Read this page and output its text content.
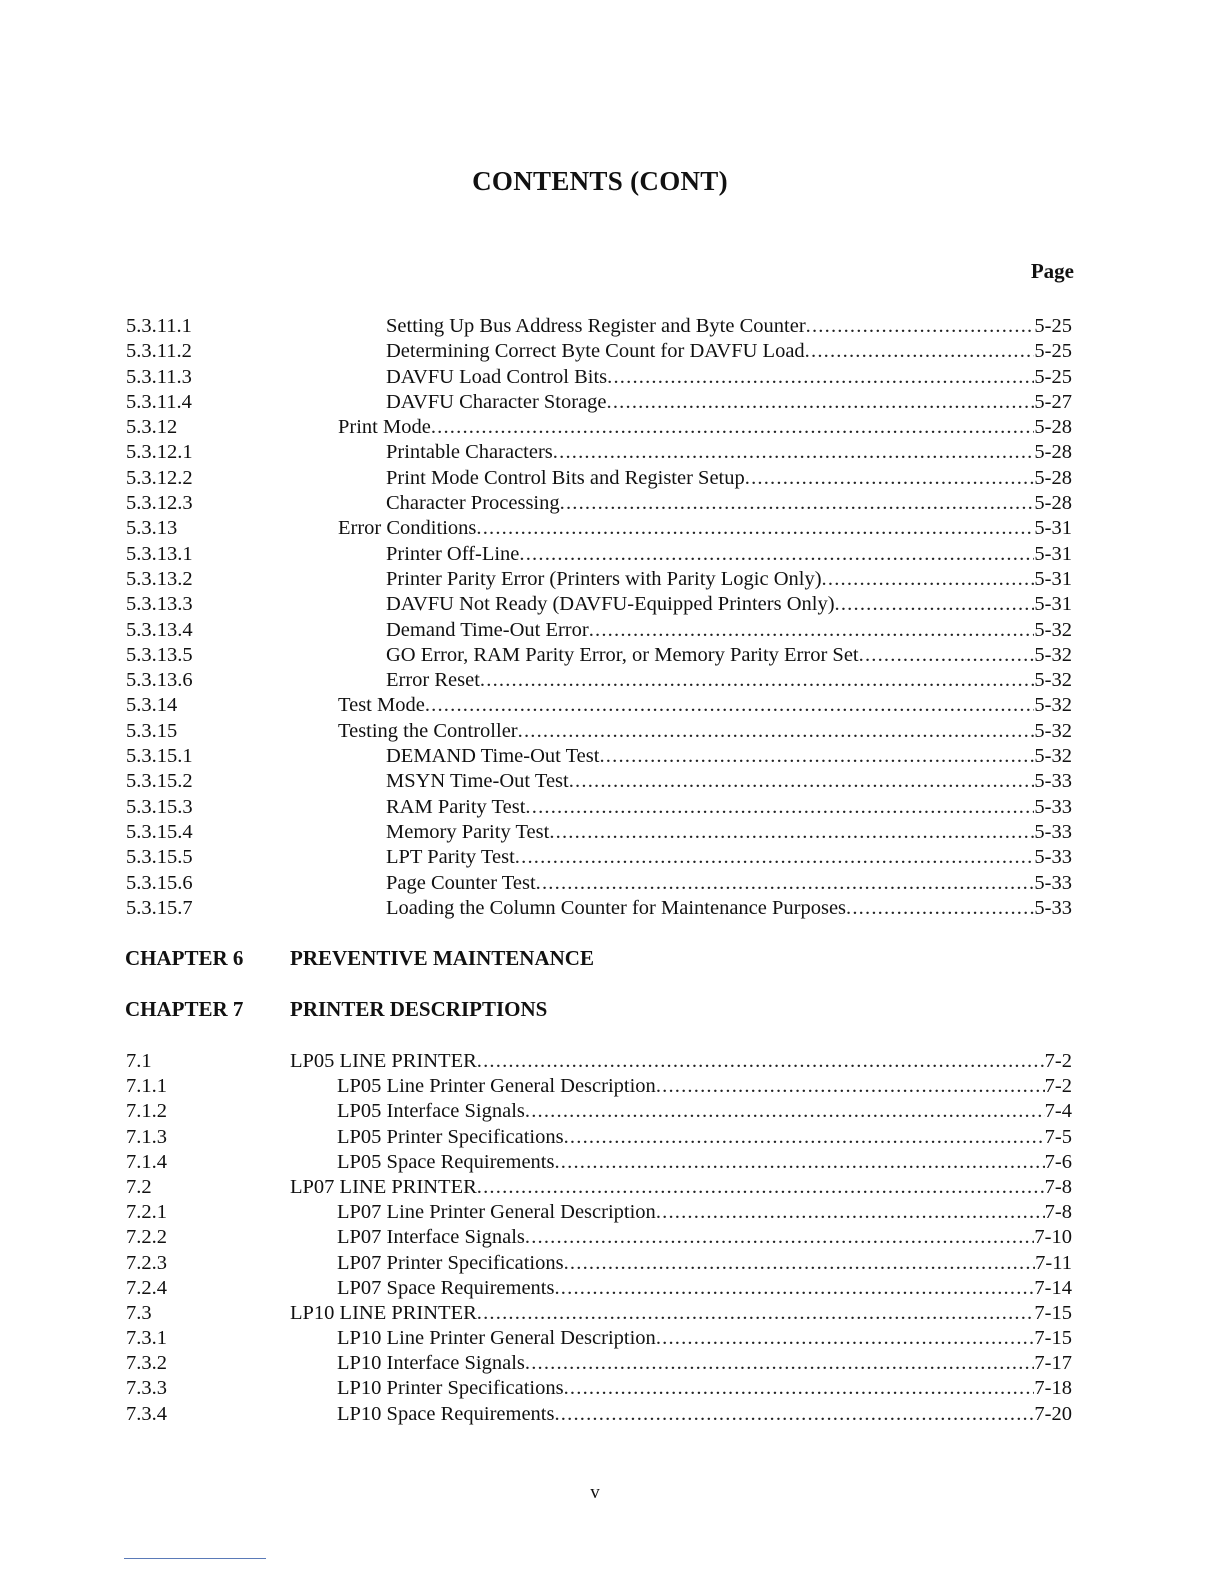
CONTENTS (CONT)
Page
5.3.11.1	Setting Up Bus Address Register and Byte Counter .....	5-25
5.3.11.2	Determining Correct Byte Count for DAVFU Load .....	5-25
5.3.11.3	DAVFU Load Control Bits .....	5-25
5.3.11.4	DAVFU Character Storage .....	5-27
5.3.12	Print Mode .....	5-28
5.3.12.1	Printable Characters .....	5-28
5.3.12.2	Print Mode Control Bits and Register Setup .....	5-28
5.3.12.3	Character Processing .....	5-28
5.3.13	Error Conditions .....	5-31
5.3.13.1	Printer Off-Line .....	5-31
5.3.13.2	Printer Parity Error (Printers with Parity Logic Only) .....	5-31
5.3.13.3	DAVFU Not Ready (DAVFU-Equipped Printers Only) .....	5-31
5.3.13.4	Demand Time-Out Error .....	5-32
5.3.13.5	GO Error, RAM Parity Error, or Memory Parity Error Set .....	5-32
5.3.13.6	Error Reset .....	5-32
5.3.14	Test Mode .....	5-32
5.3.15	Testing the Controller .....	5-32
5.3.15.1	DEMAND Time-Out Test .....	5-32
5.3.15.2	MSYN Time-Out Test .....	5-33
5.3.15.3	RAM Parity Test .....	5-33
5.3.15.4	Memory Parity Test .....	5-33
5.3.15.5	LPT Parity Test .....	5-33
5.3.15.6	Page Counter Test .....	5-33
5.3.15.7	Loading the Column Counter for Maintenance Purposes .....	5-33
CHAPTER 6 PREVENTIVE MAINTENANCE
CHAPTER 7 PRINTER DESCRIPTIONS
7.1	LP05 LINE PRINTER .....	7-2
7.1.1	LP05 Line Printer General Description .....	7-2
7.1.2	LP05 Interface Signals .....	7-4
7.1.3	LP05 Printer Specifications .....	7-5
7.1.4	LP05 Space Requirements .....	7-6
7.2	LP07 LINE PRINTER .....	7-8
7.2.1	LP07 Line Printer General Description .....	7-8
7.2.2	LP07 Interface Signals .....	7-10
7.2.3	LP07 Printer Specifications .....	7-11
7.2.4	LP07 Space Requirements .....	7-14
7.3	LP10 LINE PRINTER .....	7-15
7.3.1	LP10 Line Printer General Description .....	7-15
7.3.2	LP10 Interface Signals .....	7-17
7.3.3	LP10 Printer Specifications .....	7-18
7.3.4	LP10 Space Requirements .....	7-20
v
